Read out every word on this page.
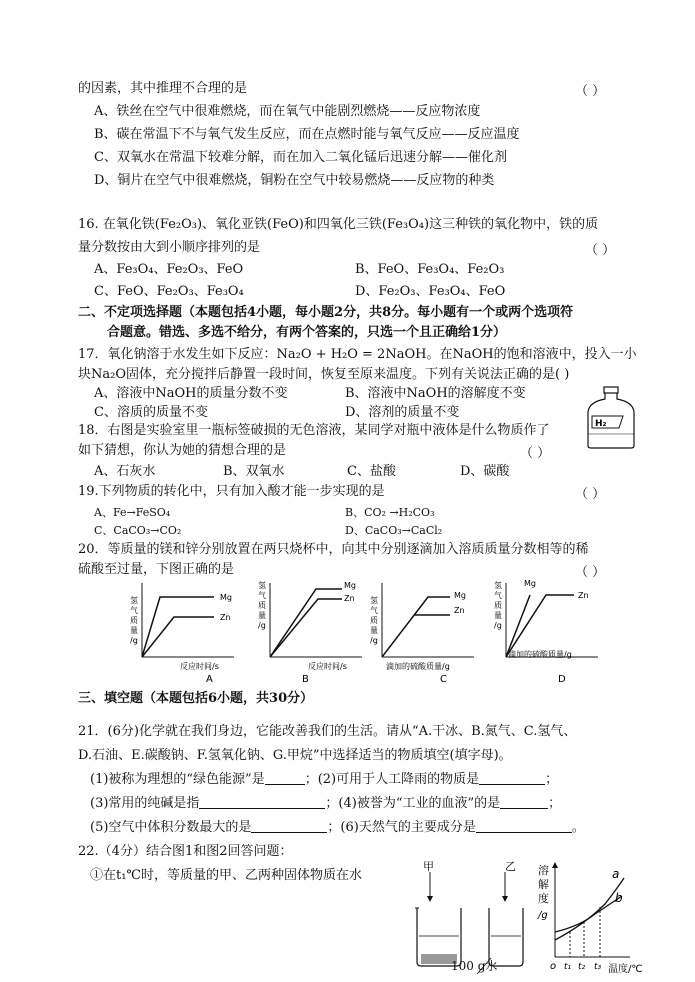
的因素，其中推理不合理的是	（ ）
A、铁丝在空气中很难燃烧，而在氧气中能剧烈燃烧——反应物浓度
B、碳在常温下不与氧气发生反应，而在点燃时能与氧气反应——反应温度
C、双氧水在常温下较难分解，而在加入二氧化锰后迅速分解——催化剂
D、铜片在空气中很难燃烧，铜粉在空气中较易燃烧——反应物的种类
16. 在氧化铁(Fe₂O₃)、氧化亚铁(FeO)和四氧化三铁(Fe₃O₄)这三种铁的氧化物中，铁的质
量分数按由大到小顺序排列的是	（ ）
A、Fe₃O₄、Fe₂O₃、FeO	B、FeO、Fe₃O₄、Fe₂O₃
C、FeO、Fe₂O₃、Fe₃O₄	D、Fe₂O₃、Fe₃O₄、FeO
二、不定项选择题（本题包括4小题，每小题2分，共8分。每小题有一个或两个选项符
合题意。错选、多选不给分，有两个答案的，只选一个且正确给1分）
17．氧化钠溶于水发生如下反应：Na₂O + H₂O = 2NaOH。在NaOH的饱和溶液中，投入一小
块Na₂O固体，充分搅拌后静置一段时间，恢复至原来温度。下列有关说法正确的是( )
A、溶液中NaOH的质量分数不变	B、溶液中NaOH的溶解度不变
C、溶质的质量不变	D、溶剂的质量不变
H₂
18．右图是实验室里一瓶标签破损的无色溶液，某同学对瓶中液体是什么物质作了
如下猜想，你认为她的猜想合理的是	（ ）
A、石灰水	B、双氧水	C、盐酸	D、碳酸
19.下列物质的转化中，只有加入酸才能一步实现的是	（ ）
A、Fe→FeSO₄	B、CO₂ →H₂CO₃
C、CaCO₃→CO₂	D、CaCO₃→CaCl₂
20．等质量的镁和锌分别放置在两只烧杯中，向其中分别逐滴加入溶质质量分数相等的稀
硫酸至过量，下图正确的是	（ ）
氢
气
质
量
/g
Mg
Zn
反应时间/s
A
氢
气
质
量
/g
Mg
Zn
反应时间/s
B
氢
气
质
量
/g
Mg
Zn
滴加的硫酸质量/g
C
氢
气
质
量
/g
Mg
Zn
滴加的硫酸质量/g
D
三、填空题（本题包括6小题，共30分）
21．(6分)化学就在我们身边，它能改善我们的生活。请从“A.干冰、B.氮气、C.氢气、
D.石油、E.碳酸钠、F.氢氧化钠、G.甲烷”中选择适当的物质填空(填字母)。
(1)被称为理想的“绿色能源”是	；(2)可用于人工降雨的物质是	；
(3)常用的纯碱是指	；(4)被誉为“工业的血液”的是	；
(5)空气中体积分数最大的是	；(6)天然气的主要成分是	。
22.（4分）结合图1和图2回答问题：
①在t₁℃时，等质量的甲、乙两种固体物质在水
甲	乙
100 g水
溶
解
度
/g
a
b
o t₁ t₂ t₃ 温度/℃
